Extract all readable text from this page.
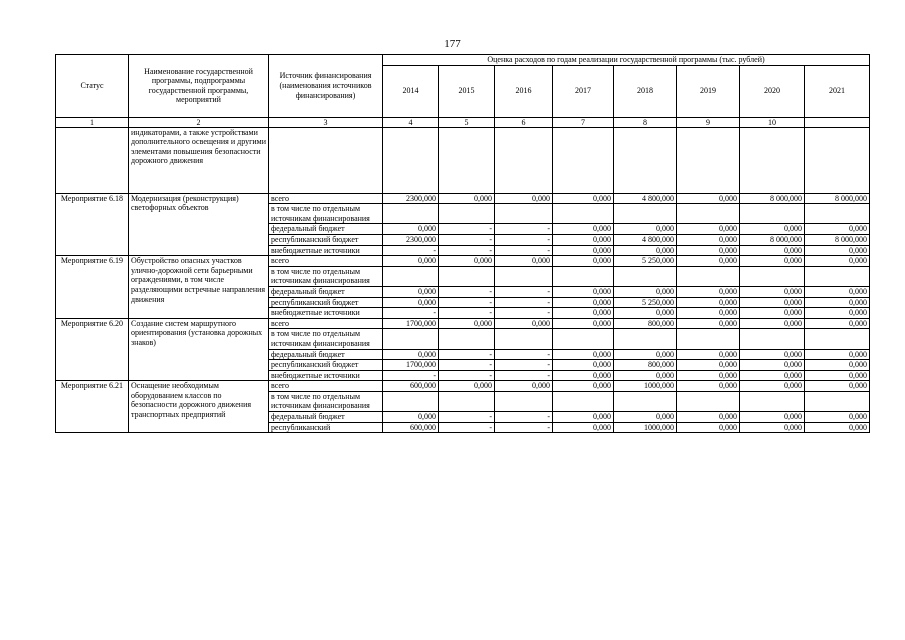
177
Статус	Наименование государственной программы, подпрограммы государственной программы, мероприятий	Источник финансирования (наименования источников финансирования)	Оценка расходов по годам реализации государственной программы (тыс. рублей)							
			2014	2015	2016	2017	2018	2019	2020	2021
1	2	3	4	5	6	7	8	9	10	
	индикаторами, а также устройствами дополнительного освещения и другими элементами повышения безопасности дорожного движения									
Мероприятие 6.18	Модернизация (реконструкция) светофорных объектов	всего	2300,000	0,000	0,000	0,000	4 800,000	0,000	8 000,000	8 000,000
		в том числе по отдельным источникам финансирования								
		федеральный бюджет	0,000	-	-	0,000	0,000	0,000	0,000	0,000
		республиканский бюджет	2300,000	-	-	0,000	4 800,000	0,000	8 000,000	8 000,000
		внебюджетные источники	-	-	-	0,000	0,000	0,000	0,000	0,000
Мероприятие 6.19	Обустройство опасных участков улично-дорожной сети барьерными ограждениями, в том числе разделяющими встречные направления движения	всего	0,000	0,000	0,000	0,000	5 250,000	0,000	0,000	0,000
		в том числе по отдельным источникам финансирования								
		федеральный бюджет	0,000	-	-	0,000	0,000	0,000	0,000	0,000
		республиканский бюджет	0,000	-	-	0,000	5 250,000	0,000	0,000	0,000
		внебюджетные источники	-	-	-	0,000	0,000	0,000	0,000	0,000
Мероприятие 6.20	Создание систем маршрутного ориентирования (установка дорожных знаков)	всего	1700,000	0,000	0,000	0,000	800,000	0,000	0,000	0,000
		в том числе по отдельным источникам финансирования								
		федеральный бюджет	0,000	-	-	0,000	0,000	0,000	0,000	0,000
		республиканский бюджет	1700,000	-	-	0,000	800,000	0,000	0,000	0,000
		внебюджетные источники	-	-	-	0,000	0,000	0,000	0,000	0,000
Мероприятие 6.21	Оснащение необходимым оборудованием классов по безопасности дорожного движения транспортных предприятий	всего	600,000	0,000	0,000	0,000	1000,000	0,000	0,000	0,000
		в том числе по отдельным источникам финансирования								
		федеральный бюджет	0,000	-	-	0,000	0,000	0,000	0,000	0,000
		республиканский	600,000	-	-	0,000	1000,000	0,000	0,000	0,000
